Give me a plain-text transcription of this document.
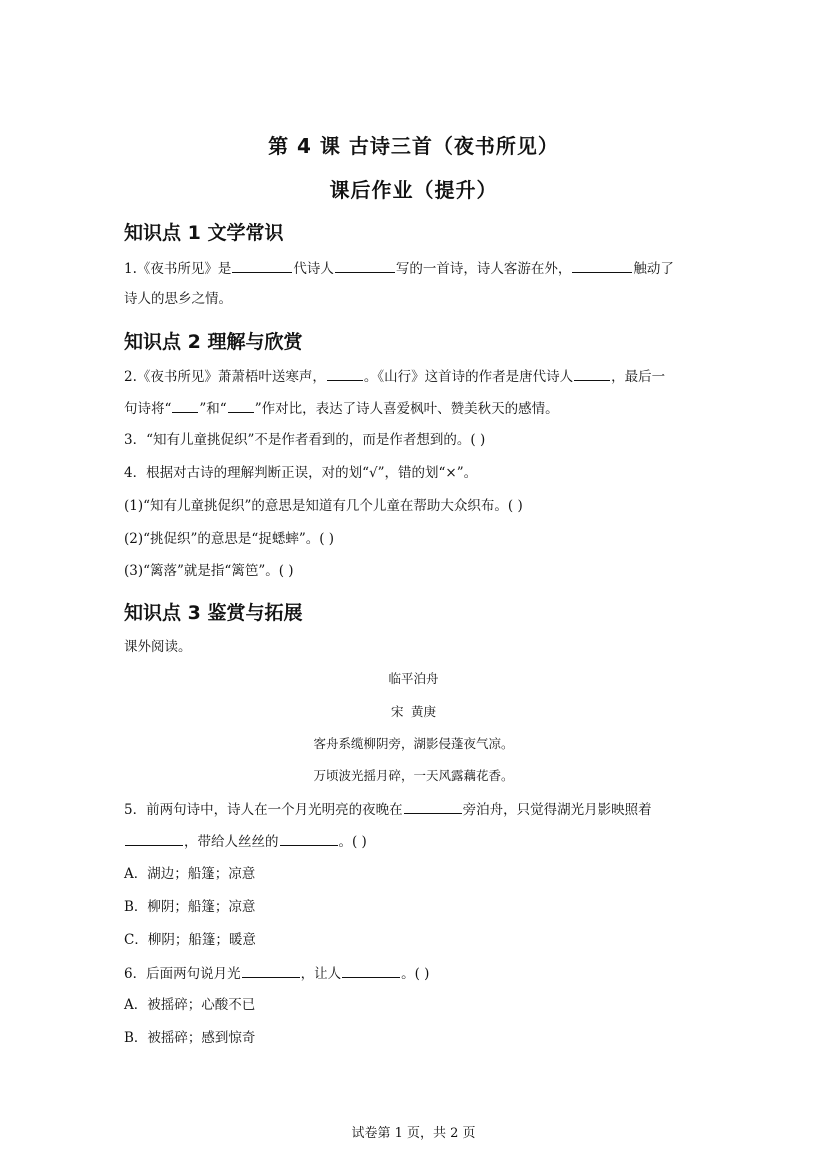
第 4 课 古诗三首（夜书所见）
课后作业（提升）
知识点 1 文学常识
1.《夜书所见》是	代诗人	写的一首诗，诗人客游在外，	触动了
诗人的思乡之情。
知识点 2 理解与欣赏
2.《夜书所见》萧萧梧叶送寒声，	。《山行》这首诗的作者是唐代诗人	，最后一
句诗将“ ”和“ ”作对比，表达了诗人喜爱枫叶、赞美秋天的感情。
3．“知有儿童挑促织”不是作者看到的，而是作者想到的。( )
4．根据对古诗的理解判断正误，对的划“√”，错的划“×”。
(1)“知有儿童挑促织”的意思是知道有几个儿童在帮助大众织布。( )
(2)“挑促织”的意思是“捉蟋蟀”。( )
(3)“篱落”就是指“篱笆”。( )
知识点 3 鉴赏与拓展
课外阅读。
临平泊舟
宋 黄庚
客舟系缆柳阴旁，湖影侵蓬夜气凉。
万顷波光摇月碎，一天风露藕花香。
5．前两句诗中，诗人在一个月光明亮的夜晚在	旁泊舟，只觉得湖光月影映照着
，带给人丝丝的	。( )
A．湖边；船篷；凉意
B．柳阴；船篷；凉意
C．柳阴；船篷；暖意
6．后面两句说月光	，让人	。( )
A．被摇碎；心酸不已
B．被摇碎；感到惊奇
试卷第 1 页，共 2 页
